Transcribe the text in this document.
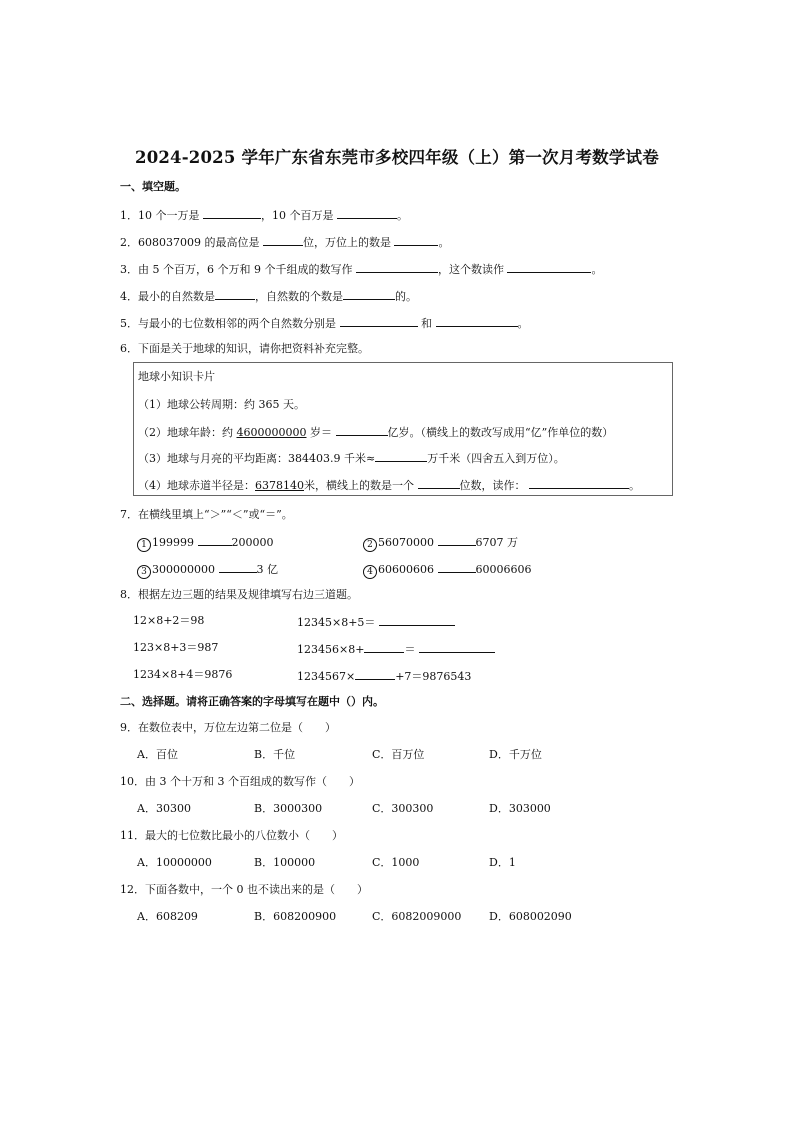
2024-2025 学年广东省东莞市多校四年级（上）第一次月考数学试卷
一、填空题。
1．10 个一万是	，10 个百万是	。
2．608037009 的最高位是	位，万位上的数是	。
3．由 5 个百万，6 个万和 9 个千组成的数写作	，这个数读作	。
4．最小的自然数是	，自然数的个数是	的。
5．与最小的七位数相邻的两个自然数分别是	和	。
6．下面是关于地球的知识，请你把资料补充完整。
地球小知识卡片
（1）地球公转周期：约 365 天。
（2）地球年龄：约 4600000000 岁＝	亿岁。（横线上的数改写成用“亿”作单位的数）
（3）地球与月亮的平均距离：384403.9 千米≈	万千米（四舍五入到万位）。
（4）地球赤道半径是：6378140米，横线上的数是一个	位数，读作：	。
7．在横线里填上“＞”“＜”或“＝”。
1 199999	200000	2 56070000	6707 万
3 300000000	3 亿	4 60600606	60006606
8．根据左边三题的结果及规律填写右边三道题。
12×8+2＝98	12345×8+5＝
123×8+3＝987	123456×8+	＝
1234×8+4＝9876	1234567×	+7＝9876543
二、选择题。请将正确答案的字母填写在题中（）内。
9．在数位表中，万位左边第二位是（　　）
A．百位	B．千位	C．百万位	D．千万位
10．由 3 个十万和 3 个百组成的数写作（　　）
A．30300	B．3000300	C．300300	D．303000
11．最大的七位数比最小的八位数小（　　）
A．10000000	B．100000	C．1000	D．1
12．下面各数中，一个 0 也不读出来的是（　　）
A．608209	B．608200900	C．6082009000	D．608002090
